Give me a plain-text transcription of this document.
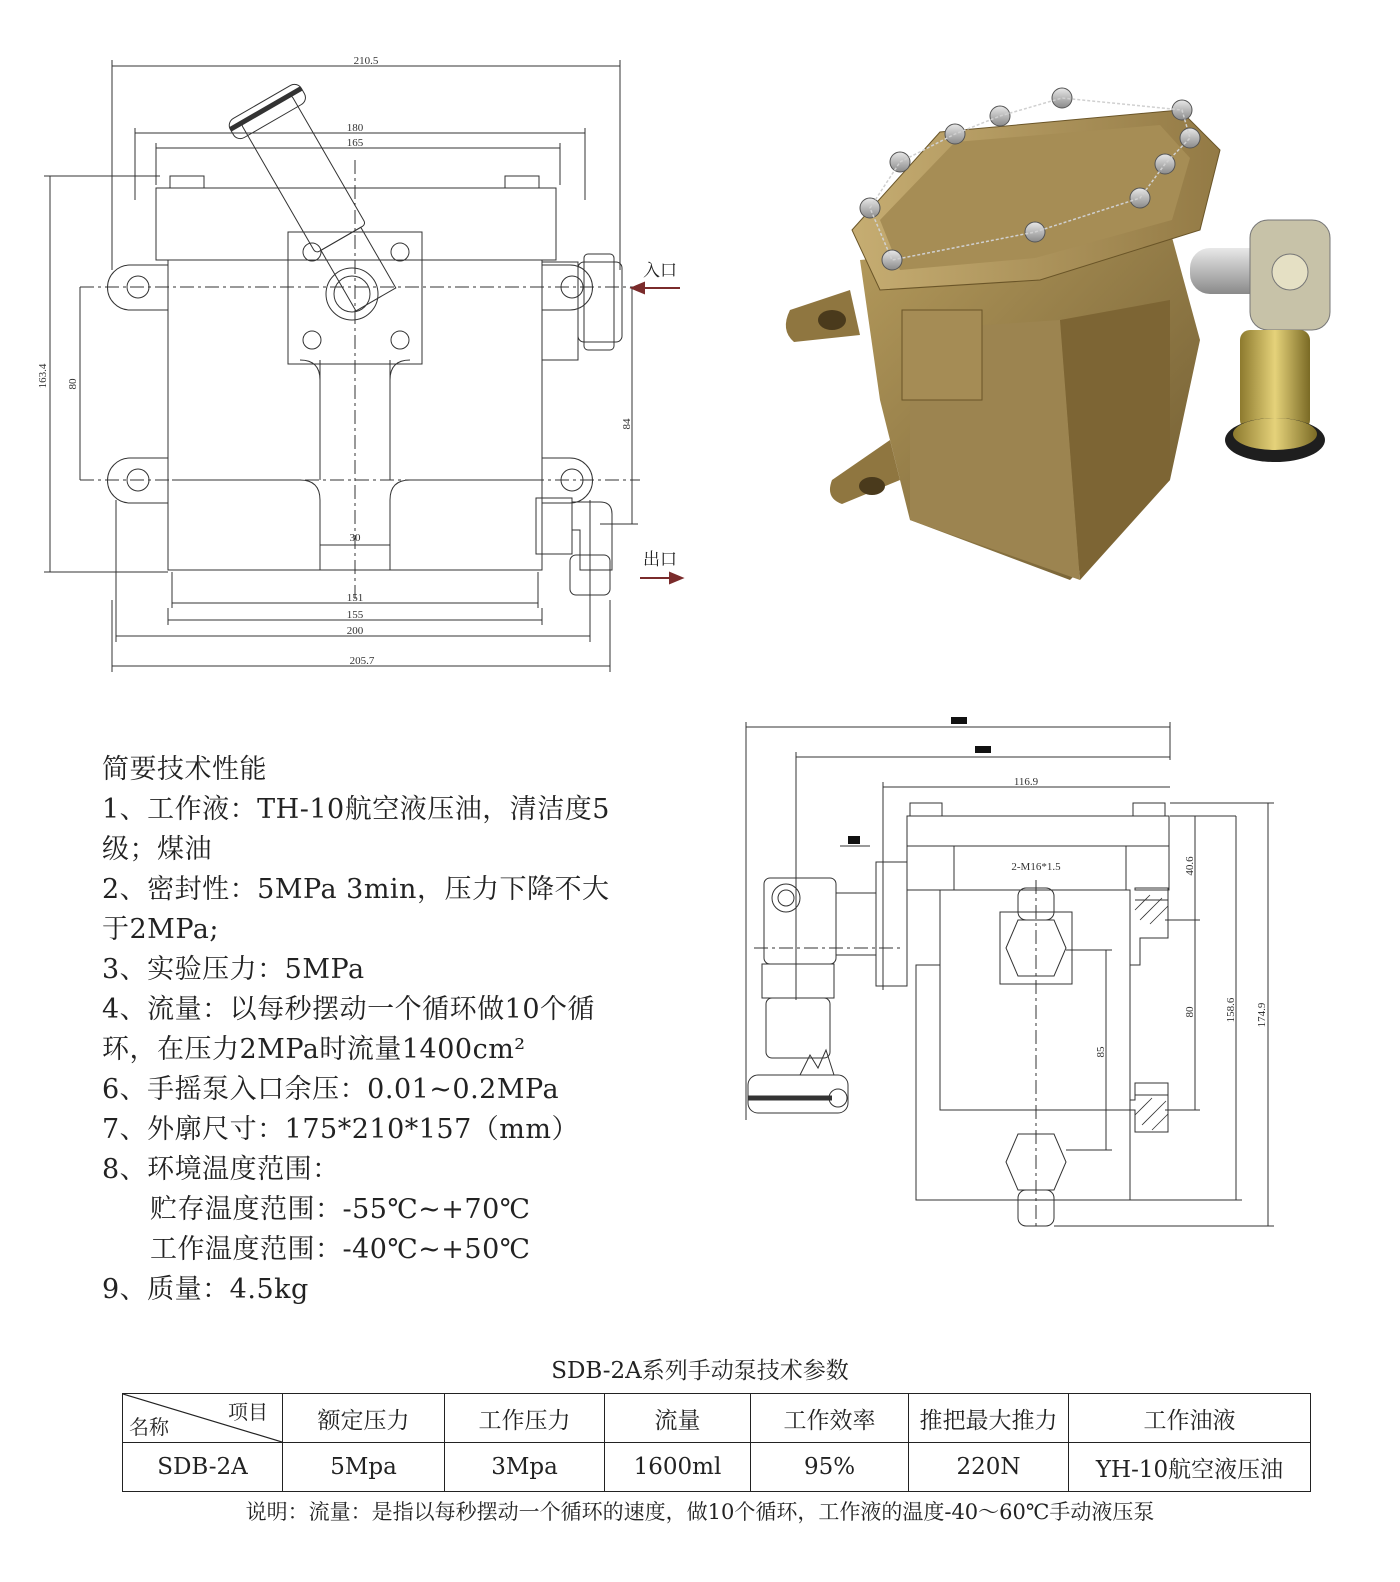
210.5
180
165
163.4 80
84
30
151
155
200
205.7
入口
出口
116.9
2-M16*1.5	40.6
80
85
158.6 174.9
简要技术性能
1、工作液：TH-10航空液压油，清洁度5
级；煤油
2、密封性：5MPa 3min，压力下降不大
于2MPa;
3、实验压力：5MPa
4、流量：以每秒摆动一个循环做10个循
环，在压力2MPa时流量1400cm²
6、手摇泵入口余压：0.01~0.2MPa
7、外廓尺寸：175*210*157（mm）
8、环境温度范围：
贮存温度范围：-55℃~+70℃
工作温度范围：-40℃~+50℃
9、质量：4.5kg
SDB-2A系列手动泵技术参数
项目
名称	额定压力	工作压力	流量	工作效率	推把最大推力	工作油液
SDB-2A	5Mpa	3Mpa	1600ml	95%	220N	YH-10航空液压油
说明：流量：是指以每秒摆动一个循环的速度，做10个循环，工作液的温度-40～60℃手动液压泵
